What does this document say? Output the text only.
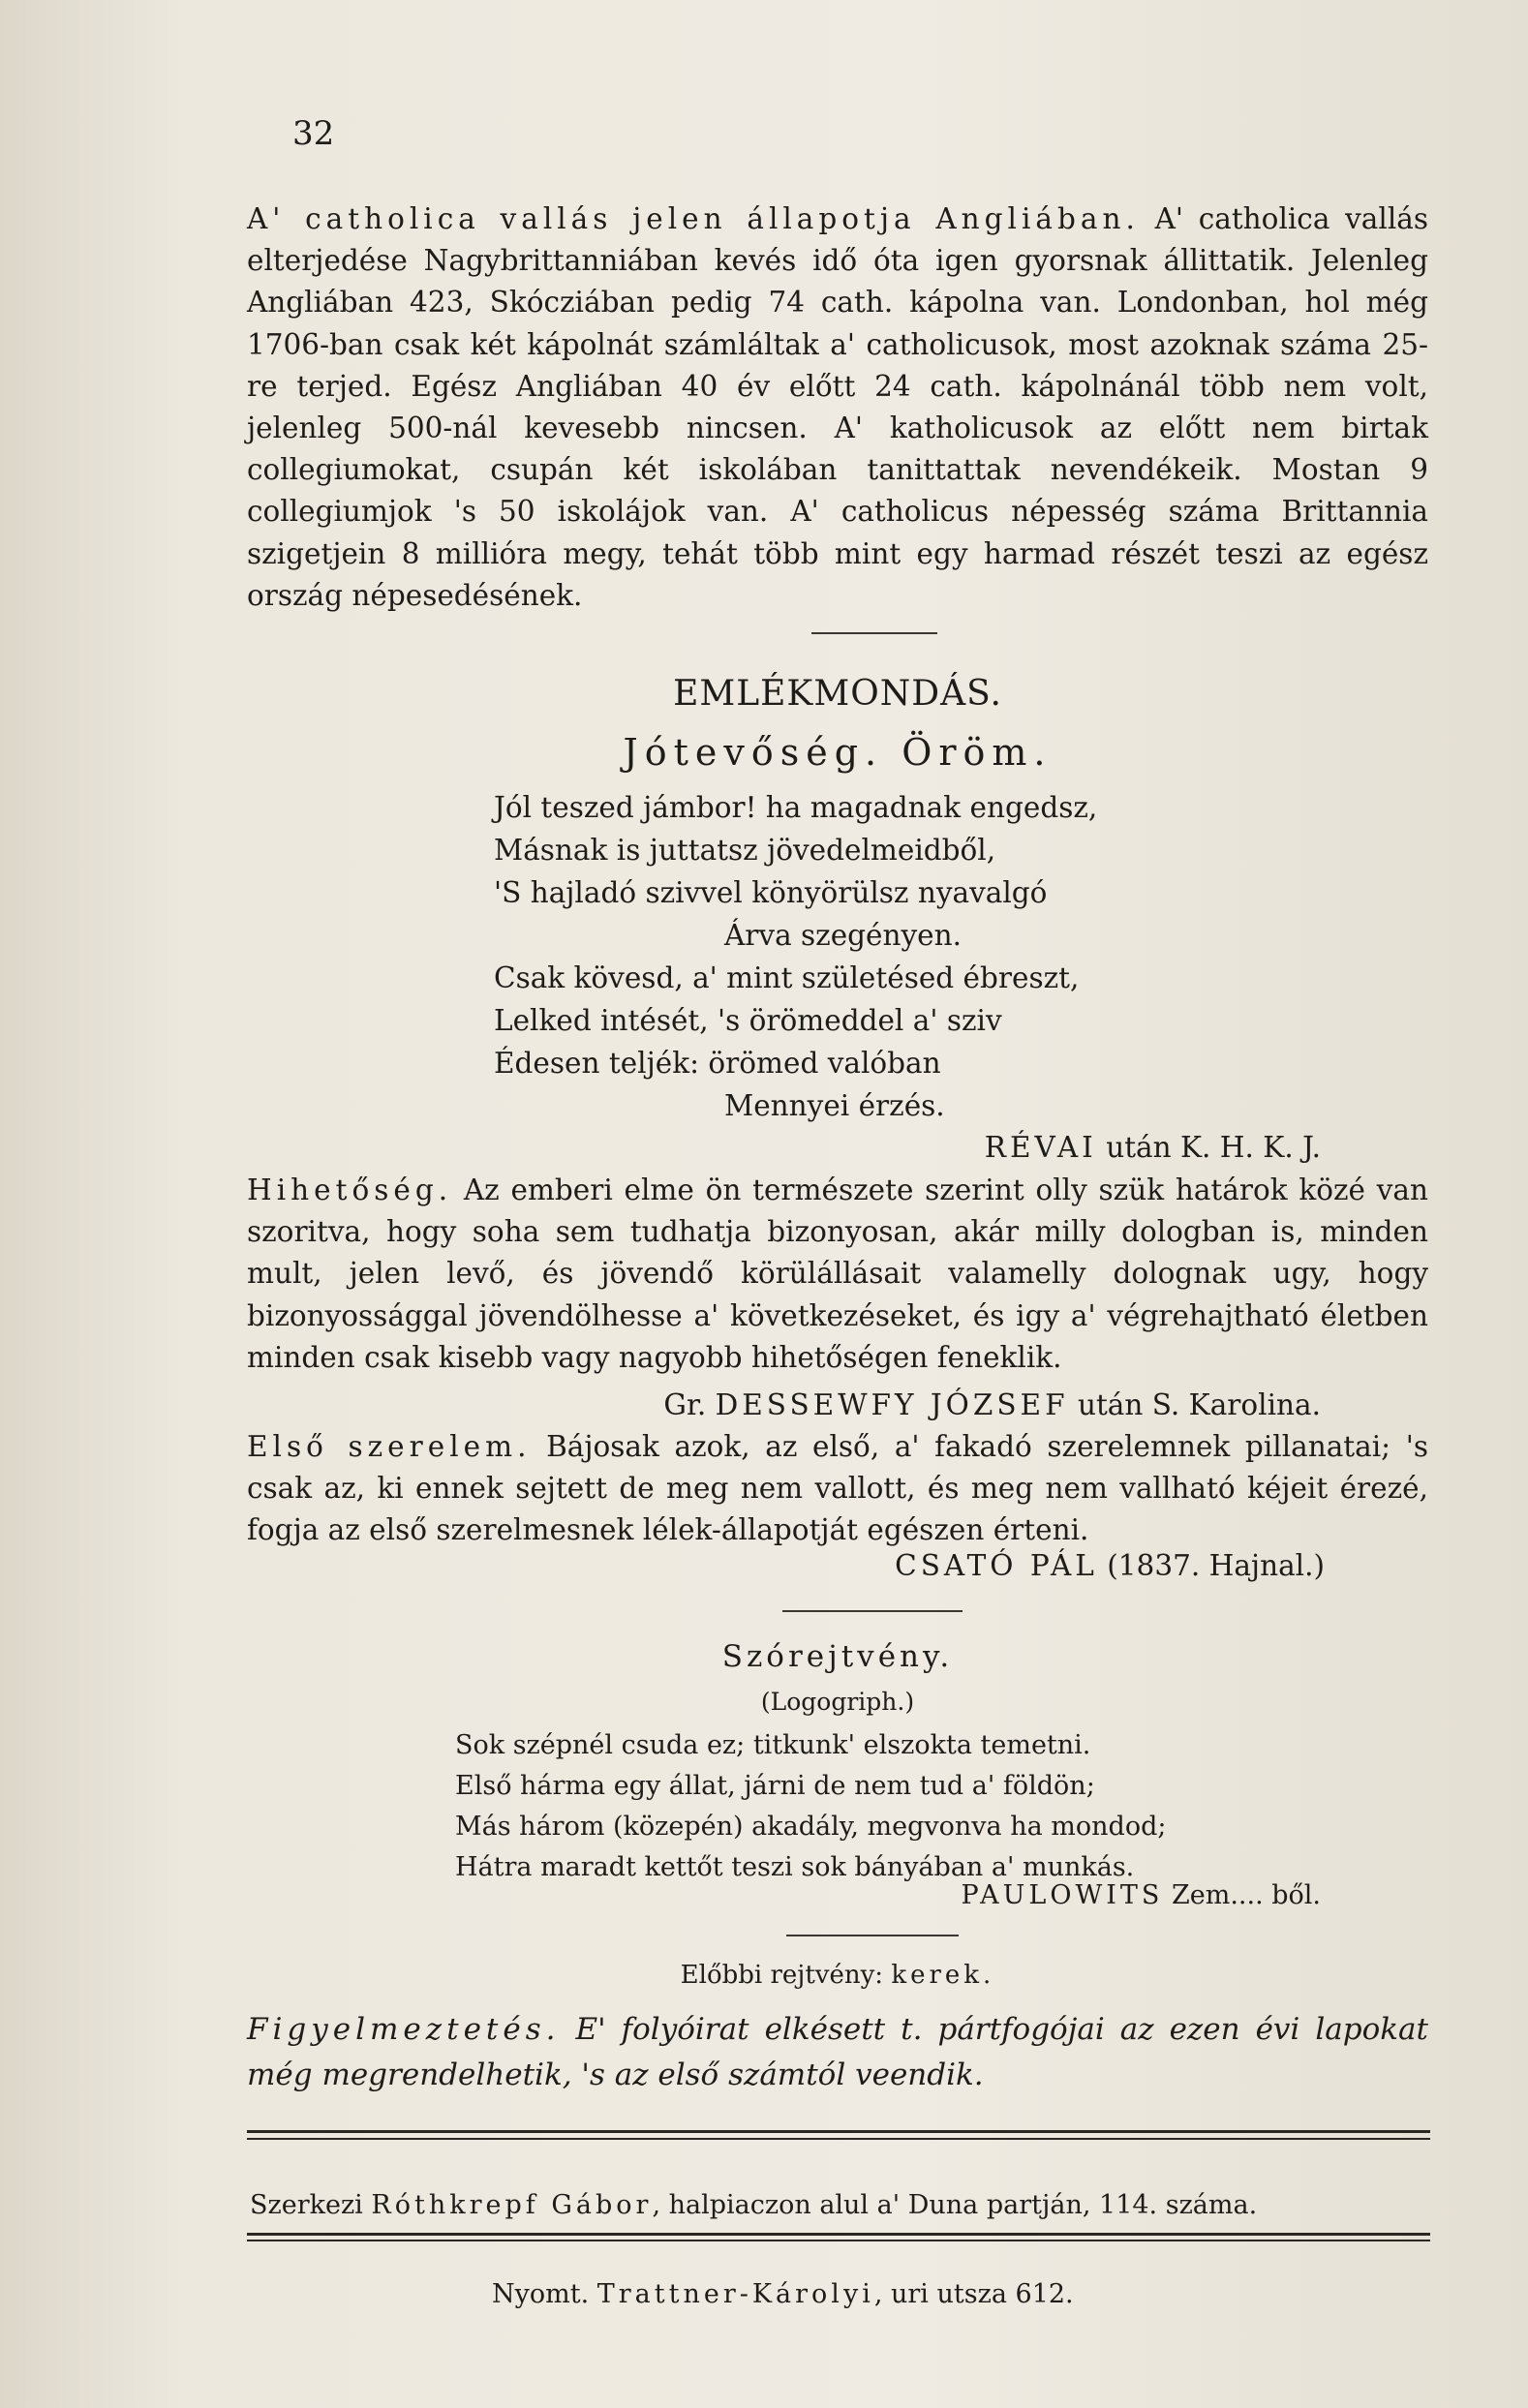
32

A' catholica vallás jelen állapotja Angliában. A' catholica vallás elterjedése Nagybrittanniában kevés idő óta igen gyorsnak állittatik. Jelenleg Angliában 423, Skócziában pedig 74 cath. kápolna van. Londonban, hol még 1706-ban csak két kápolnát számláltak a' catholicusok, most azoknak száma 25-re terjed. Egész Angliában 40 év előtt 24 cath. kápolnánál több nem volt, jelenleg 500-nál kevesebb nincsen. A' katholicusok az előtt nem birtak collegiumokat, csupán két iskolában tanittattak nevendékeik. Mostan 9 collegiumjok 's 50 iskolájok van. A' catholicus népesség száma Brittannia szigetjein 8 millióra megy, tehát több mint egy harmad részét teszi az egész ország népesedésének.

EMLÉKMONDÁS.
Jótevőség. Öröm.
Jól teszed jámbor! ha magadnak engedsz,
Másnak is juttatsz jövedelmeidből,
'S hajladó szivvel könyörülsz nyavalgó
Árva szegényen.
Csak kövesd, a' mint születésed ébreszt,
Lelked intését, 's örömeddel a' sziv
Édesen teljék: örömed valóban
Mennyei érzés.
RÉVAI után K. H. K. J.

Hihetőség. Az emberi elme ön természete szerint olly szük határok közé van szoritva, hogy soha sem tudhatja bizonyosan, akár milly dologban is, minden mult, jelen levő, és jövendő körülállásait valamelly dolognak ugy, hogy bizonyossággal jövendölhesse a' következéseket, és igy a' végrehajtható életben minden csak kisebb vagy nagyobb hihetőségen feneklik.

Gr. DESSEWFY JÓZSEF után S. Karolina.

Első szerelem. Bájosak azok, az első, a' fakadó szerelemnek pillanatai; 's csak az, ki ennek sejtett de meg nem vallott, és meg nem vallható kéjeit érezé, fogja az első szerelmesnek lélek-állapotját egészen érteni.

CSATÓ PÁL (1837. Hajnal.)
Szórejtvény.
(Logogriph.)
Sok szépnél csuda ez; titkunk' elszokta temetni.
Első hárma egy állat, járni de nem tud a' földön;
Más három (közepén) akadály, megvonva ha mondod;
Hátra maradt kettőt teszi sok bányában a' munkás.
PAULOWITS Zem.... ből.
Előbbi rejtvény: kerek.

Figyelmeztetés. E' folyóirat elkésett t. pártfogójai az ezen évi lapokat még megrendelhetik, 's az első számtól veendik.

Szerkezi Róthkrepf Gábor, halpiaczon alul a' Duna partján, 114. száma.
Nyomt. Trattner-Károlyi, uri utsza 612.
